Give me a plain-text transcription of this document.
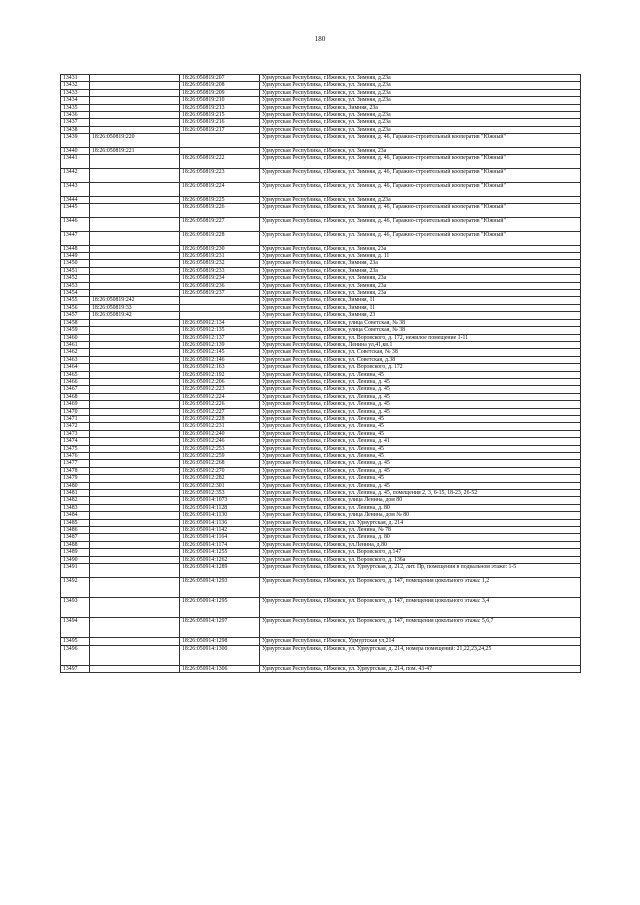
180
13431		18:26:050819:207	Удмуртская Республика, г.Ижевск, ул. Зимняя, д.23а
13432		18:26:050819:208	Удмуртская Республика, г.Ижевск, ул. Зимняя, д.23а
13433		18:26:050819:209	Удмуртская Республика, г.Ижевск, ул. Зимняя, д.23а
13434		18:26:050819:210	Удмуртская Республика, г.Ижевск, ул. Зимняя, д.23а
13435		18:26:050819:213	Удмуртская Республика, г.Ижевск, Зимняя, 23а
13436		18:26:050819:215	Удмуртская Республика, г.Ижевск, ул. Зимняя, д.23а
13437		18:26:050819:216	Удмуртская Республика, г.Ижевск, ул. Зимняя, д.23а
13438		18:26:050819:217	Удмуртская Республика, г.Ижевск, ул. Зимняя, д.23а
13439	18:26:050819:220		Удмуртская Республика, г.Ижевск, ул. Зимняя, д. 46, Гаражно-строительный кооператив "Южный"
13440	18:26:050819:221		Удмуртская Республика, г.Ижевск, ул. Зимняя, 23а
13441		18:26:050819:222	Удмуртская Республика, г.Ижевск, ул. Зимняя, д. 46, Гаражно-строительный кооператив "Южный"
13442		18:26:050819:223	Удмуртская Республика, г.Ижевск, ул. Зимняя, д. 46, Гаражно-строительный кооператив "Южный"
13443		18:26:050819:224	Удмуртская Республика, г.Ижевск, ул. Зимняя, д. 46, Гаражно-строительный кооператив "Южный"
13444		18:26:050819:225	Удмуртская Республика, г.Ижевск, ул. Зимняя, д.23а
13445		18:26:050819:226	Удмуртская Республика, г.Ижевск, ул. Зимняя, д. 46, Гаражно-строительный кооператив "Южный"
13446		18:26:050819:227	Удмуртская Республика, г.Ижевск, ул. Зимняя, д. 46, Гаражно-строительный кооператив "Южный"
13447		18:26:050819:228	Удмуртская Республика, г.Ижевск, ул. Зимняя, д. 46, Гаражно-строительный кооператив "Южный"
13448		18:26:050819:230	Удмуртская Республика, г.Ижевск, ул. Зимняя, 23а
13449		18:26:050819:231	Удмуртская Республика, г.Ижевск, ул. Зимняя, д. 11
13450		18:26:050819:232	Удмуртская Республика, г.Ижевск, Зимняя, 23а
13451		18:26:050819:233	Удмуртская Республика, г.Ижевск, Зимняя, 23а
13452		18:26:050819:234	Удмуртская Республика, г.Ижевск, ул. Зимняя, 23а
13453		18:26:050819:236	Удмуртская Республика, г.Ижевск, ул. Зимняя, 23а
13454		18:26:050819:237	Удмуртская Республика, г.Ижевск, ул. Зимняя, 23а
13455	18:26:050819:242		Удмуртская Республика, г.Ижевск, Зимняя, 11
13456	18:26:050819:33		Удмуртская Республика, г.Ижевск, Зимняя, 11
13457	18:26:050819:42		Удмуртская Республика, г.Ижевск, Зимняя, 23
13458		18:26:050912:134	Удмуртская Республика, г.Ижевск, улица Советская, № 38
13459		18:26:050912:135	Удмуртская Республика, г.Ижевск, улица Советская, № 38
13460		18:26:050912:137	Удмуртская Республика, г.Ижевск, ул. Воровского, д. 172, нежилое помещение 1-11
13461		18:26:050912:139	Удмуртская Республика, г.Ижевск, Ленина ул,41,кв.1
13462		18:26:050912:145	Удмуртская Республика, г.Ижевск, ул. Советская, № 38
13463		18:26:050912:146	Удмуртская Республика, г.Ижевск, ул. Советская, д.38
13464		18:26:050912:163	Удмуртская Республика, г.Ижевск, ул. Воровского, д. 172
13465		18:26:050912:192	Удмуртская Республика, г.Ижевск, ул. Ленина, 45
13466		18:26:050912:206	Удмуртская Республика, г.Ижевск, ул. Ленина, д. 45
13467		18:26:050912:223	Удмуртская Республика, г.Ижевск, ул. Ленина, д. 45
13468		18:26:050912:224	Удмуртская Республика, г.Ижевск, ул. Ленина, д. 45
13469		18:26:050912:226	Удмуртская Республика, г.Ижевск, ул. Ленина, д. 45
13470		18:26:050912:227	Удмуртская Республика, г.Ижевск, ул. Ленина, д. 45
13471		18:26:050912:228	Удмуртская Республика, г.Ижевск, ул. Ленина, 45
13472		18:26:050912:231	Удмуртская Республика, г.Ижевск, ул. Ленина, 45
13473		18:26:050912:240	Удмуртская Республика, г.Ижевск, ул. Ленина, 45
13474		18:26:050912:246	Удмуртская Республика, г.Ижевск, ул. Ленина, д. 41
13475		18:26:050912:253	Удмуртская Республика, г.Ижевск, ул. Ленина, 45
13476		18:26:050912:259	Удмуртская Республика, г.Ижевск, ул. Ленина, 45
13477		18:26:050912:268	Удмуртская Республика, г.Ижевск, ул. Ленина, д. 45
13478		18:26:050912:270	Удмуртская Республика, г.Ижевск, ул. Ленина, д. 45
13479		18:26:050912:282	Удмуртская Республика, г.Ижевск, ул. Ленина, 45
13480		18:26:050912:301	Удмуртская Республика, г.Ижевск, ул. Ленина, д. 45
13481		18:26:050912:353	Удмуртская Республика, г.Ижевск, ул. Ленина, д. 45, помещения 2, 3, 6-15, 18-23, 26-52
13482		18:26:050914:1073	Удмуртская Республика, г.Ижевск, улица Ленина, дом 80
13483		18:26:050914:1128	Удмуртская Республика, г.Ижевск, ул. Ленина, д. 80
13484		18:26:050914:1130	Удмуртская Республика, г.Ижевск, улица Ленина, дом № 80
13485		18:26:050914:1136	Удмуртская Республика, г.Ижевск, ул. Удмуртская, д. 214
13486		18:26:050914:1142	Удмуртская Республика, г.Ижевск, ул. Ленина, № 78
13487		18:26:050914:1164	Удмуртская Республика, г.Ижевск, ул. Ленина, д. 80
13488		18:26:050914:1174	Удмуртская Республика, г.Ижевск, ул.Ленина, д.80
13489		18:26:050914:1255	Удмуртская Республика, г.Ижевск, ул. Воровского, д.147
13490		18:26:050914:1262	Удмуртская Республика, г.Ижевск, ул. Воровского, д. 136а
13491		18:26:050914:1289	Удмуртская Республика, г.Ижевск, ул. Удмуртская, д. 212, лит. Пр, помещения в подвальном этаже: 1-5
13492		18:26:050914:1293	Удмуртская Республика, г.Ижевск, ул. Воровского, д. 147, помещения цокольного этажа: 1,2
13493		18:26:050914:1295	Удмуртская Республика, г.Ижевск, ул. Воровского, д. 147, помещения цокольного этажа: 3,4
13494		18:26:050914:1297	Удмуртская Республика, г.Ижевск, ул. Воровского, д. 147, помещения цокольного этажа: 5,6,7
13495		18:26:050914:1298	Удмуртская Республика, г.Ижевск, Удмуртская ул,214
13496		18:26:050914:1300	Удмуртская Республика, г.Ижевск, ул. Удмуртская, д. 214, номера помещений: 21,22,23,24,25
13497		18:26:050914:1306	Удмуртская Республика, г.Ижевск, ул. Удмуртская, д. 214, пом. 43-47
